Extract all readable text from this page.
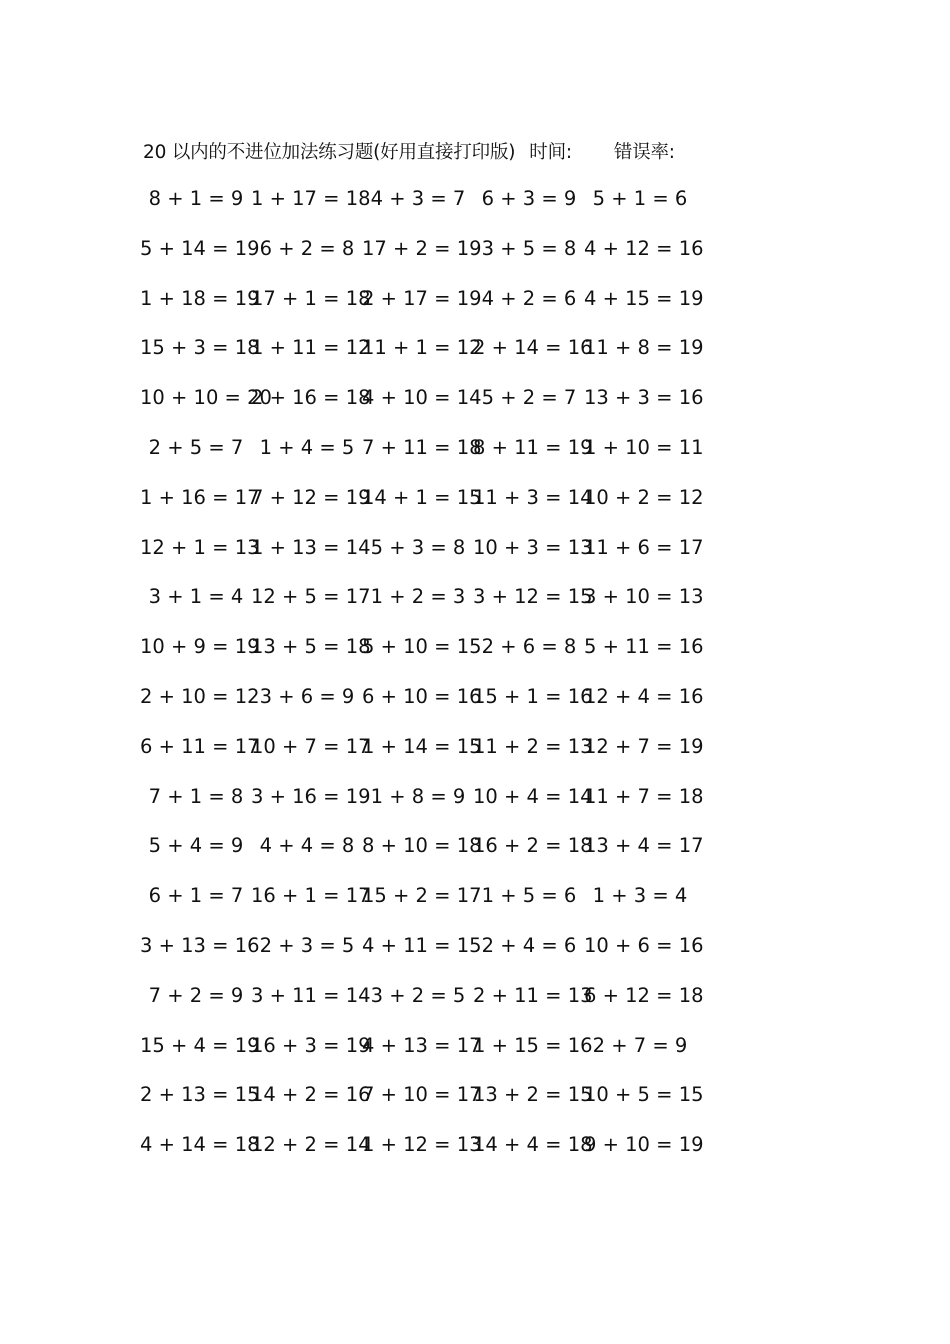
20 以内的不进位加法练习题(好用直接打印版) 时间: 错误率:
8 + 1 = 9 1 + 17 = 18 4 + 3 = 7 6 + 3 = 9 5 + 1 = 6
5 + 14 = 19 6 + 2 = 8 17 + 2 = 19 3 + 5 = 8 4 + 12 = 16
1 + 18 = 19
17 + 1 = 18
2 + 17 = 19 4 + 2 = 6 4 + 15 = 19
15 + 3 = 18
1 + 11 = 12
11 + 1 = 12
2 + 14 = 16
11 + 8 = 19
10 + 10 = 20
2 + 16 = 18
4 + 10 = 14 5 + 2 = 7 13 + 3 = 16
2 + 5 = 7 1 + 4 = 5 7 + 11 = 18
8 + 11 = 19
1 + 10 = 11
1 + 16 = 17
7 + 12 = 19
14 + 1 = 15
11 + 3 = 14
10 + 2 = 12
12 + 1 = 13
1 + 13 = 14 5 + 3 = 8 10 + 3 = 13
11 + 6 = 17
3 + 1 = 4 12 + 5 = 17 1 + 2 = 3 3 + 12 = 15
3 + 10 = 13
10 + 9 = 19
13 + 5 = 18
5 + 10 = 15 2 + 6 = 8 5 + 11 = 16
2 + 10 = 12 3 + 6 = 9 6 + 10 = 16
15 + 1 = 16
12 + 4 = 16
6 + 11 = 17
10 + 7 = 17
1 + 14 = 15
11 + 2 = 13
12 + 7 = 19
7 + 1 = 8 3 + 16 = 19 1 + 8 = 9 10 + 4 = 14
11 + 7 = 18
5 + 4 = 9 4 + 4 = 8 8 + 10 = 18
16 + 2 = 18
13 + 4 = 17
6 + 1 = 7 16 + 1 = 17
15 + 2 = 17 1 + 5 = 6 1 + 3 = 4
3 + 13 = 16 2 + 3 = 5 4 + 11 = 15 2 + 4 = 6 10 + 6 = 16
7 + 2 = 9 3 + 11 = 14 3 + 2 = 5 2 + 11 = 13
6 + 12 = 18
15 + 4 = 19
16 + 3 = 19
4 + 13 = 17
1 + 15 = 16 2 + 7 = 9
2 + 13 = 15
14 + 2 = 16
7 + 10 = 17
13 + 2 = 15
10 + 5 = 15
4 + 14 = 18
12 + 2 = 14
1 + 12 = 13
14 + 4 = 18
9 + 10 = 19
